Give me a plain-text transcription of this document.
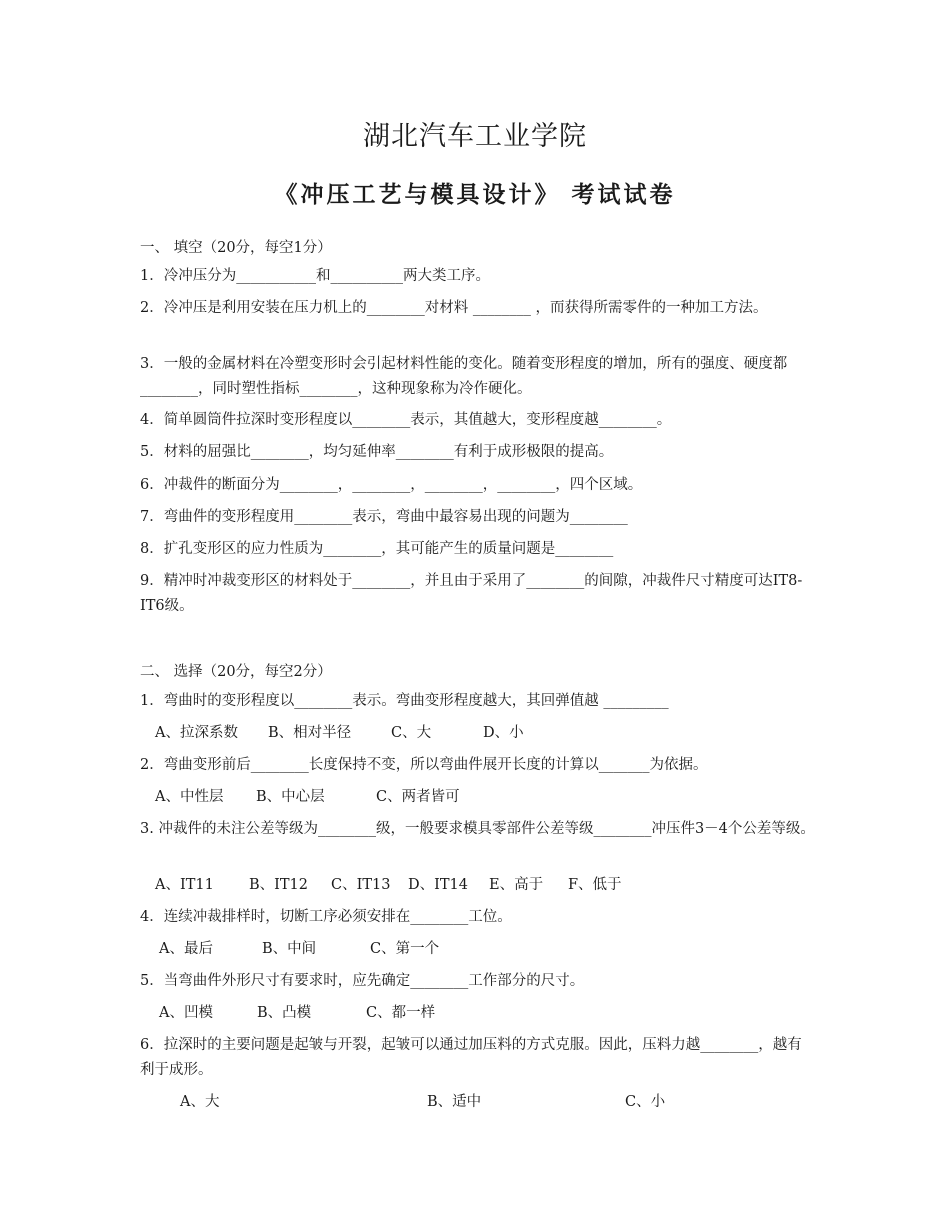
湖北汽车工业学院
《冲压工艺与模具设计》 考试试卷
一、 填空（20分，每空1分）
1．冷冲压分为___________和__________两大类工序。
2．冷冲压是利用安装在压力机上的________对材料 ________ ，而获得所需零件的一种加工方法。
3．一般的金属材料在冷塑变形时会引起材料性能的变化。随着变形程度的增加，所有的强度、硬度都________，同时塑性指标________，这种现象称为冷作硬化。
4．简单圆筒件拉深时变形程度以________表示，其值越大，变形程度越________。
5．材料的屈强比________，均匀延伸率________有利于成形极限的提高。
6．冲裁件的断面分为________，________，________，________，四个区域。
7．弯曲件的变形程度用________表示，弯曲中最容易出现的问题为________
8．扩孔变形区的应力性质为________，其可能产生的质量问题是________
9．精冲时冲裁变形区的材料处于________，并且由于采用了________的间隙，冲裁件尺寸精度可达IT8-IT6级。
二、 选择（20分，每空2分）
1．弯曲时的变形程度以________表示。弯曲变形程度越大，其回弹值越 _________
A、拉深系数 B、相对半径	C、大	D、小
2．弯曲变形前后________长度保持不变，所以弯曲件展开长度的计算以_______为依据。
A、中性层 B、中心层	C、两者皆可
3. 冲裁件的未注公差等级为________级，一般要求模具零部件公差等级________冲压件3－4个公差等级。
A、IT11 B、IT12 C、IT13 D、IT14 E、高于 F、低于
4．连续冲裁排样时，切断工序必须安排在________工位。
A、最后	B、中间	C、第一个
5．当弯曲件外形尺寸有要求时，应先确定________工作部分的尺寸。
A、凹模	B、凸模	C、都一样
6．拉深时的主要问题是起皱与开裂，起皱可以通过加压料的方式克服。因此，压料力越________，越有利于成形。
A、大	B、适中	C、小
